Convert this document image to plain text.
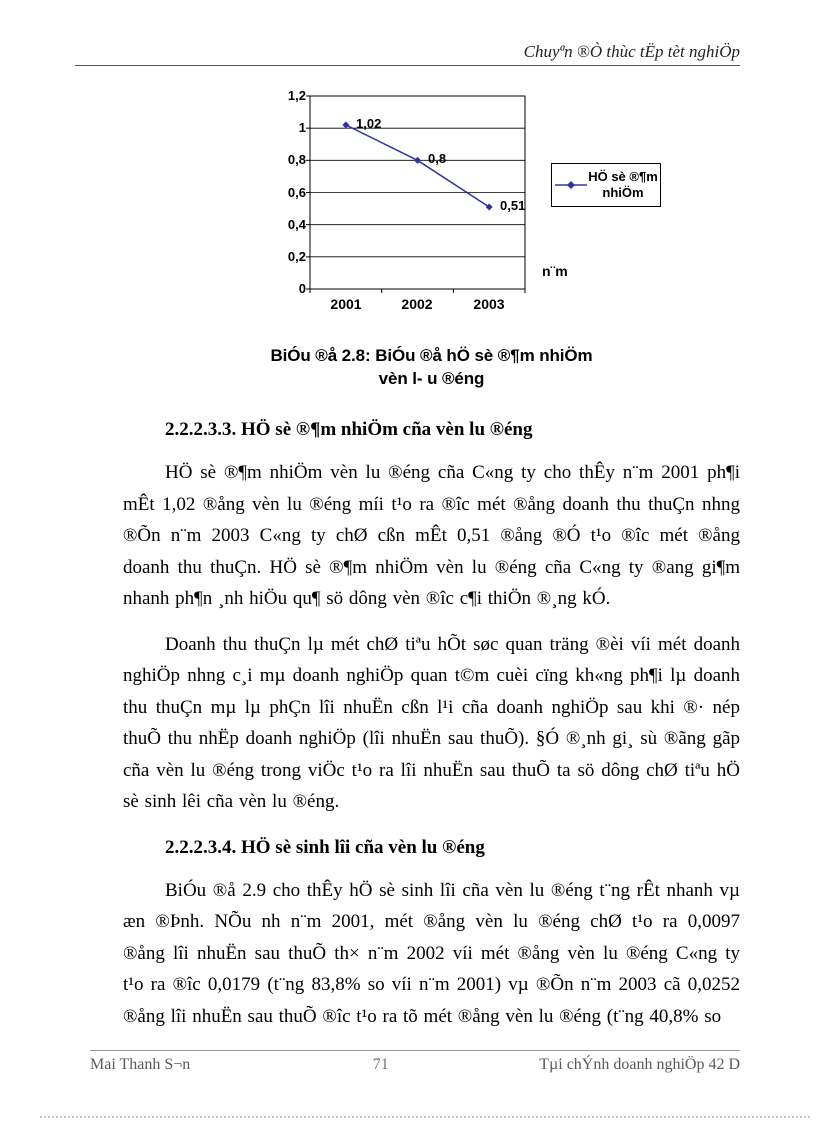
Chuyªn ®Ò thùc tËp tèt nghiÖp
1,2
1
0,8
0,6
0,4
0,2
0
2001	2002	2003
1,02
0,8
0,51
n¨m
HÖ sè ®¶m
nhiÖm
BiÓu ®å 2.8: BiÓu ®å hÖ sè ®¶m nhiÖm
vèn l- u ®éng
2.2.2.3.3. HÖ sè ®¶m nhiÖm cña vèn lu ®éng
HÖ sè ®¶m nhiÖm vèn lu ®éng cña C«ng ty cho thÊy n¨m 2001 ph¶i
mÊt 1,02 ®ång vèn lu ®éng míi t¹o ra ®îc mét ®ång doanh thu thuÇn nhng
®Õn n¨m 2003 C«ng ty chØ cßn mÊt 0,51 ®ång ®Ó t¹o ®îc mét ®ång
doanh thu thuÇn. HÖ sè ®¶m nhiÖm vèn lu ®éng cña C«ng ty ®ang gi¶m
nhanh ph¶n ¸nh hiÖu qu¶ sö dông vèn ®îc c¶i thiÖn ®¸ng kÓ.
Doanh thu thuÇn lµ mét chØ tiªu hÕt søc quan träng ®èi víi mét doanh
nghiÖp nhng c¸i mµ doanh nghiÖp quan t©m cuèi cïng kh«ng ph¶i lµ doanh
thu thuÇn mµ lµ phÇn lîi nhuËn cßn l¹i cña doanh nghiÖp sau khi ®· nép
thuÕ thu nhËp doanh nghiÖp (lîi nhuËn sau thuÕ). §Ó ®¸nh gi¸ sù ®ãng gãp
cña vèn lu ®éng trong viÖc t¹o ra lîi nhuËn sau thuÕ ta sö dông chØ tiªu hÖ
sè sinh lêi cña vèn lu ®éng.
2.2.2.3.4. HÖ sè sinh lîi cña vèn lu ®éng
BiÓu ®å 2.9 cho thÊy hÖ sè sinh lîi cña vèn lu ®éng t¨ng rÊt nhanh vµ
æn ®Þnh. NÕu nh n¨m 2001, mét ®ång vèn lu ®éng chØ t¹o ra 0,0097
®ång lîi nhuËn sau thuÕ th× n¨m 2002 víi mét ®ång vèn lu ®éng C«ng ty
t¹o ra ®îc 0,0179 (t¨ng 83,8% so víi n¨m 2001) vµ ®Õn n¨m 2003 cã 0,0252
®ång lîi nhuËn sau thuÕ ®îc t¹o ra tõ mét ®ång vèn lu ®éng (t¨ng 40,8% so
Mai Thanh S¬n	71	Tµi chÝnh doanh nghiÖp 42 D
